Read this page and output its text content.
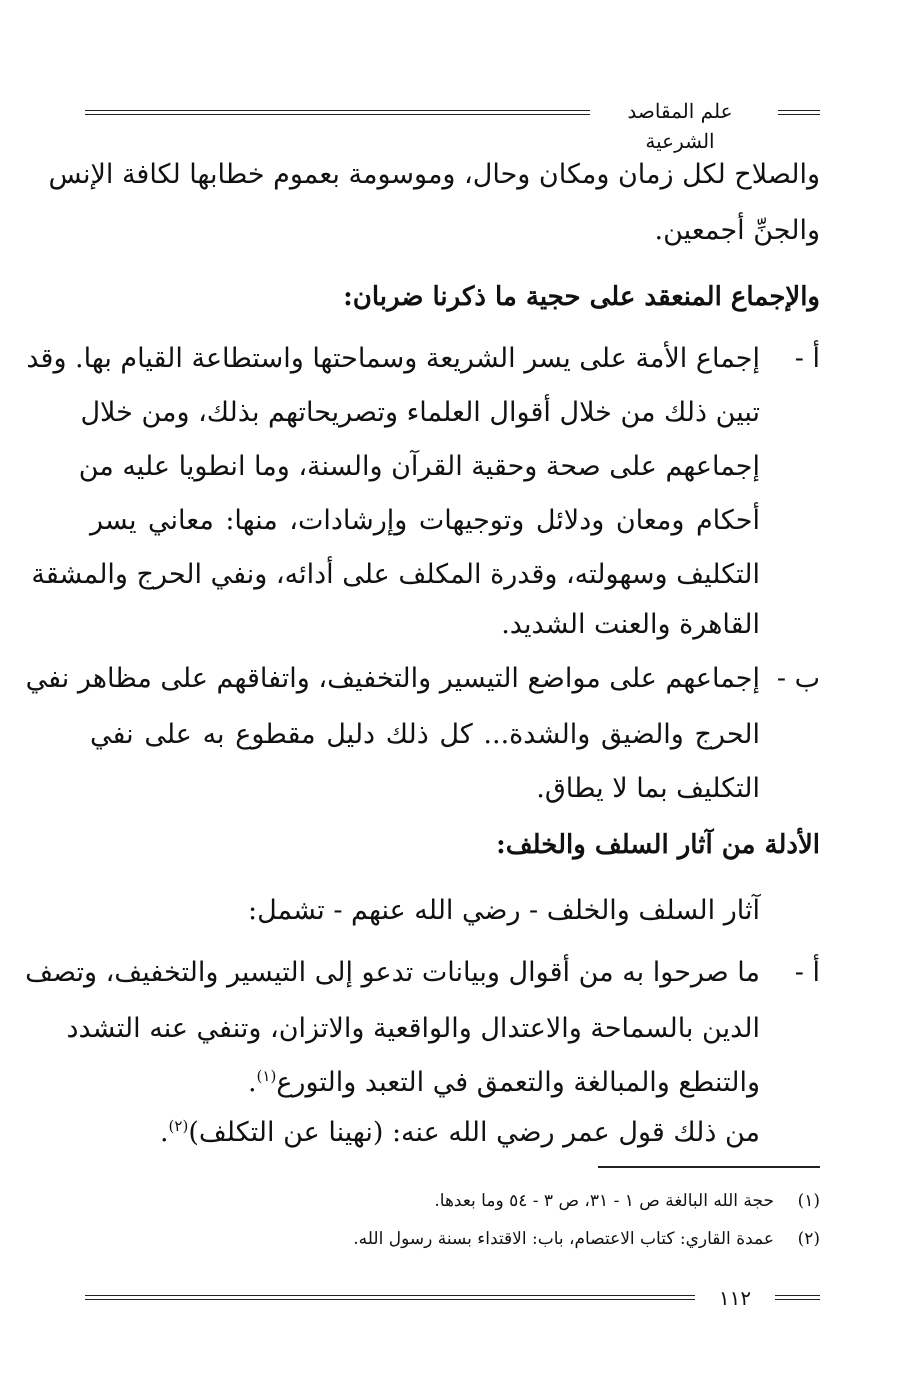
علم المقاصد الشرعية
والصلاح لكل زمان ومكان وحال، وموسومة بعموم خطابها لكافة الإنس
والجنِّ أجمعين.
والإجماع المنعقد على حجية ما ذكرنا ضربان:
أ -
إجماع الأمة على يسر الشريعة وسماحتها واستطاعة القيام بها. وقد
تبين ذلك من خلال أقوال العلماء وتصريحاتهم بذلك، ومن خلال
إجماعهم على صحة وحقية القرآن والسنة، وما انطويا عليه من
أحكام ومعان ودلائل وتوجيهات وإرشادات، منها: معاني يسر
التكليف وسهولته، وقدرة المكلف على أدائه، ونفي الحرج والمشقة
القاهرة والعنت الشديد.
ب -
إجماعهم على مواضع التيسير والتخفيف، واتفاقهم على مظاهر نفي
الحرج والضيق والشدة... كل ذلك دليل مقطوع به على نفي
التكليف بما لا يطاق.
الأدلة من آثار السلف والخلف:
آثار السلف والخلف - رضي الله عنهم - تشمل:
أ -
ما صرحوا به من أقوال وبيانات تدعو إلى التيسير والتخفيف، وتصف
الدين بالسماحة والاعتدال والواقعية والاتزان، وتنفي عنه التشدد
والتنطع والمبالغة والتعمق في التعبد والتورع$^{(١)}$.
من ذلك قول عمر رضي الله عنه: (نهينا عن التكلف)$^{(٢)}$.
(١)حجة الله البالغة ص ١ - ٣١، ص ٣ - ٥٤ وما بعدها.
(٢)عمدة القاري: كتاب الاعتصام، باب: الاقتداء بسنة رسول الله.
١١٢
